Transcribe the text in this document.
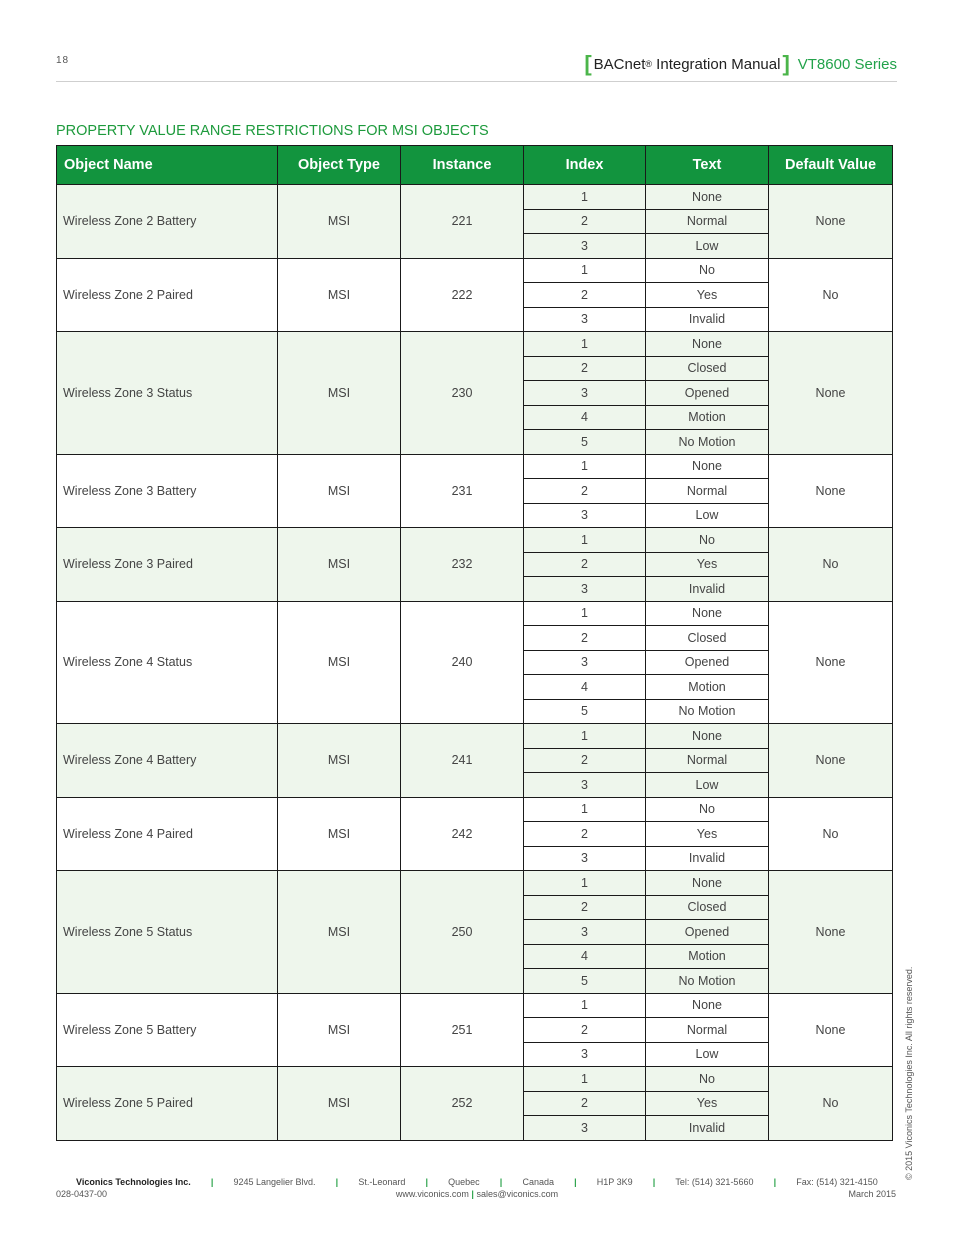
18	[ BACnet ® Integration Manual ] VT8600 Series
PROPERTY VALUE RANGE RESTRICTIONS FOR MSI OBJECTS
Object Name	Object Type	Instance	Index	Text	Default Value
Wireless Zone 2 Battery	MSI	221	1	None	None
			2	Normal	
			3	Low	
Wireless Zone 2 Paired	MSI	222	1	No	No
			2	Yes	
			3	Invalid	
Wireless Zone 3 Status	MSI	230	1	None	None
			2	Closed	
			3	Opened	
			4	Motion	
			5	No Motion	
Wireless Zone 3 Battery	MSI	231	1	None	None
			2	Normal	
			3	Low	
Wireless Zone 3 Paired	MSI	232	1	No	No
			2	Yes	
			3	Invalid	
Wireless Zone 4 Status	MSI	240	1	None	None
			2	Closed	
			3	Opened	
			4	Motion	
			5	No Motion	
Wireless Zone 4 Battery	MSI	241	1	None	None
			2	Normal	
			3	Low	
Wireless Zone 4 Paired	MSI	242	1	No	No
			2	Yes	
			3	Invalid	
Wireless Zone 5 Status	MSI	250	1	None	None
			2	Closed	
			3	Opened	
			4	Motion	
			5	No Motion	
Wireless Zone 5 Battery	MSI	251	1	None	None
			2	Normal	
			3	Low	
Wireless Zone 5 Paired	MSI	252	1	No	No
			2	Yes	
			3	Invalid		© 2015 Viconics Technologies Inc. All rights reserved.
Viconics Technologies Inc. | 9245 Langelier Blvd. | St.-Leonard | Quebec | Canada | H1P 3K9 | Tel: (514) 321-5660 | Fax: (514) 321-4150
028-0437-00	www.viconics.com | sales@viconics.com	March 2015
